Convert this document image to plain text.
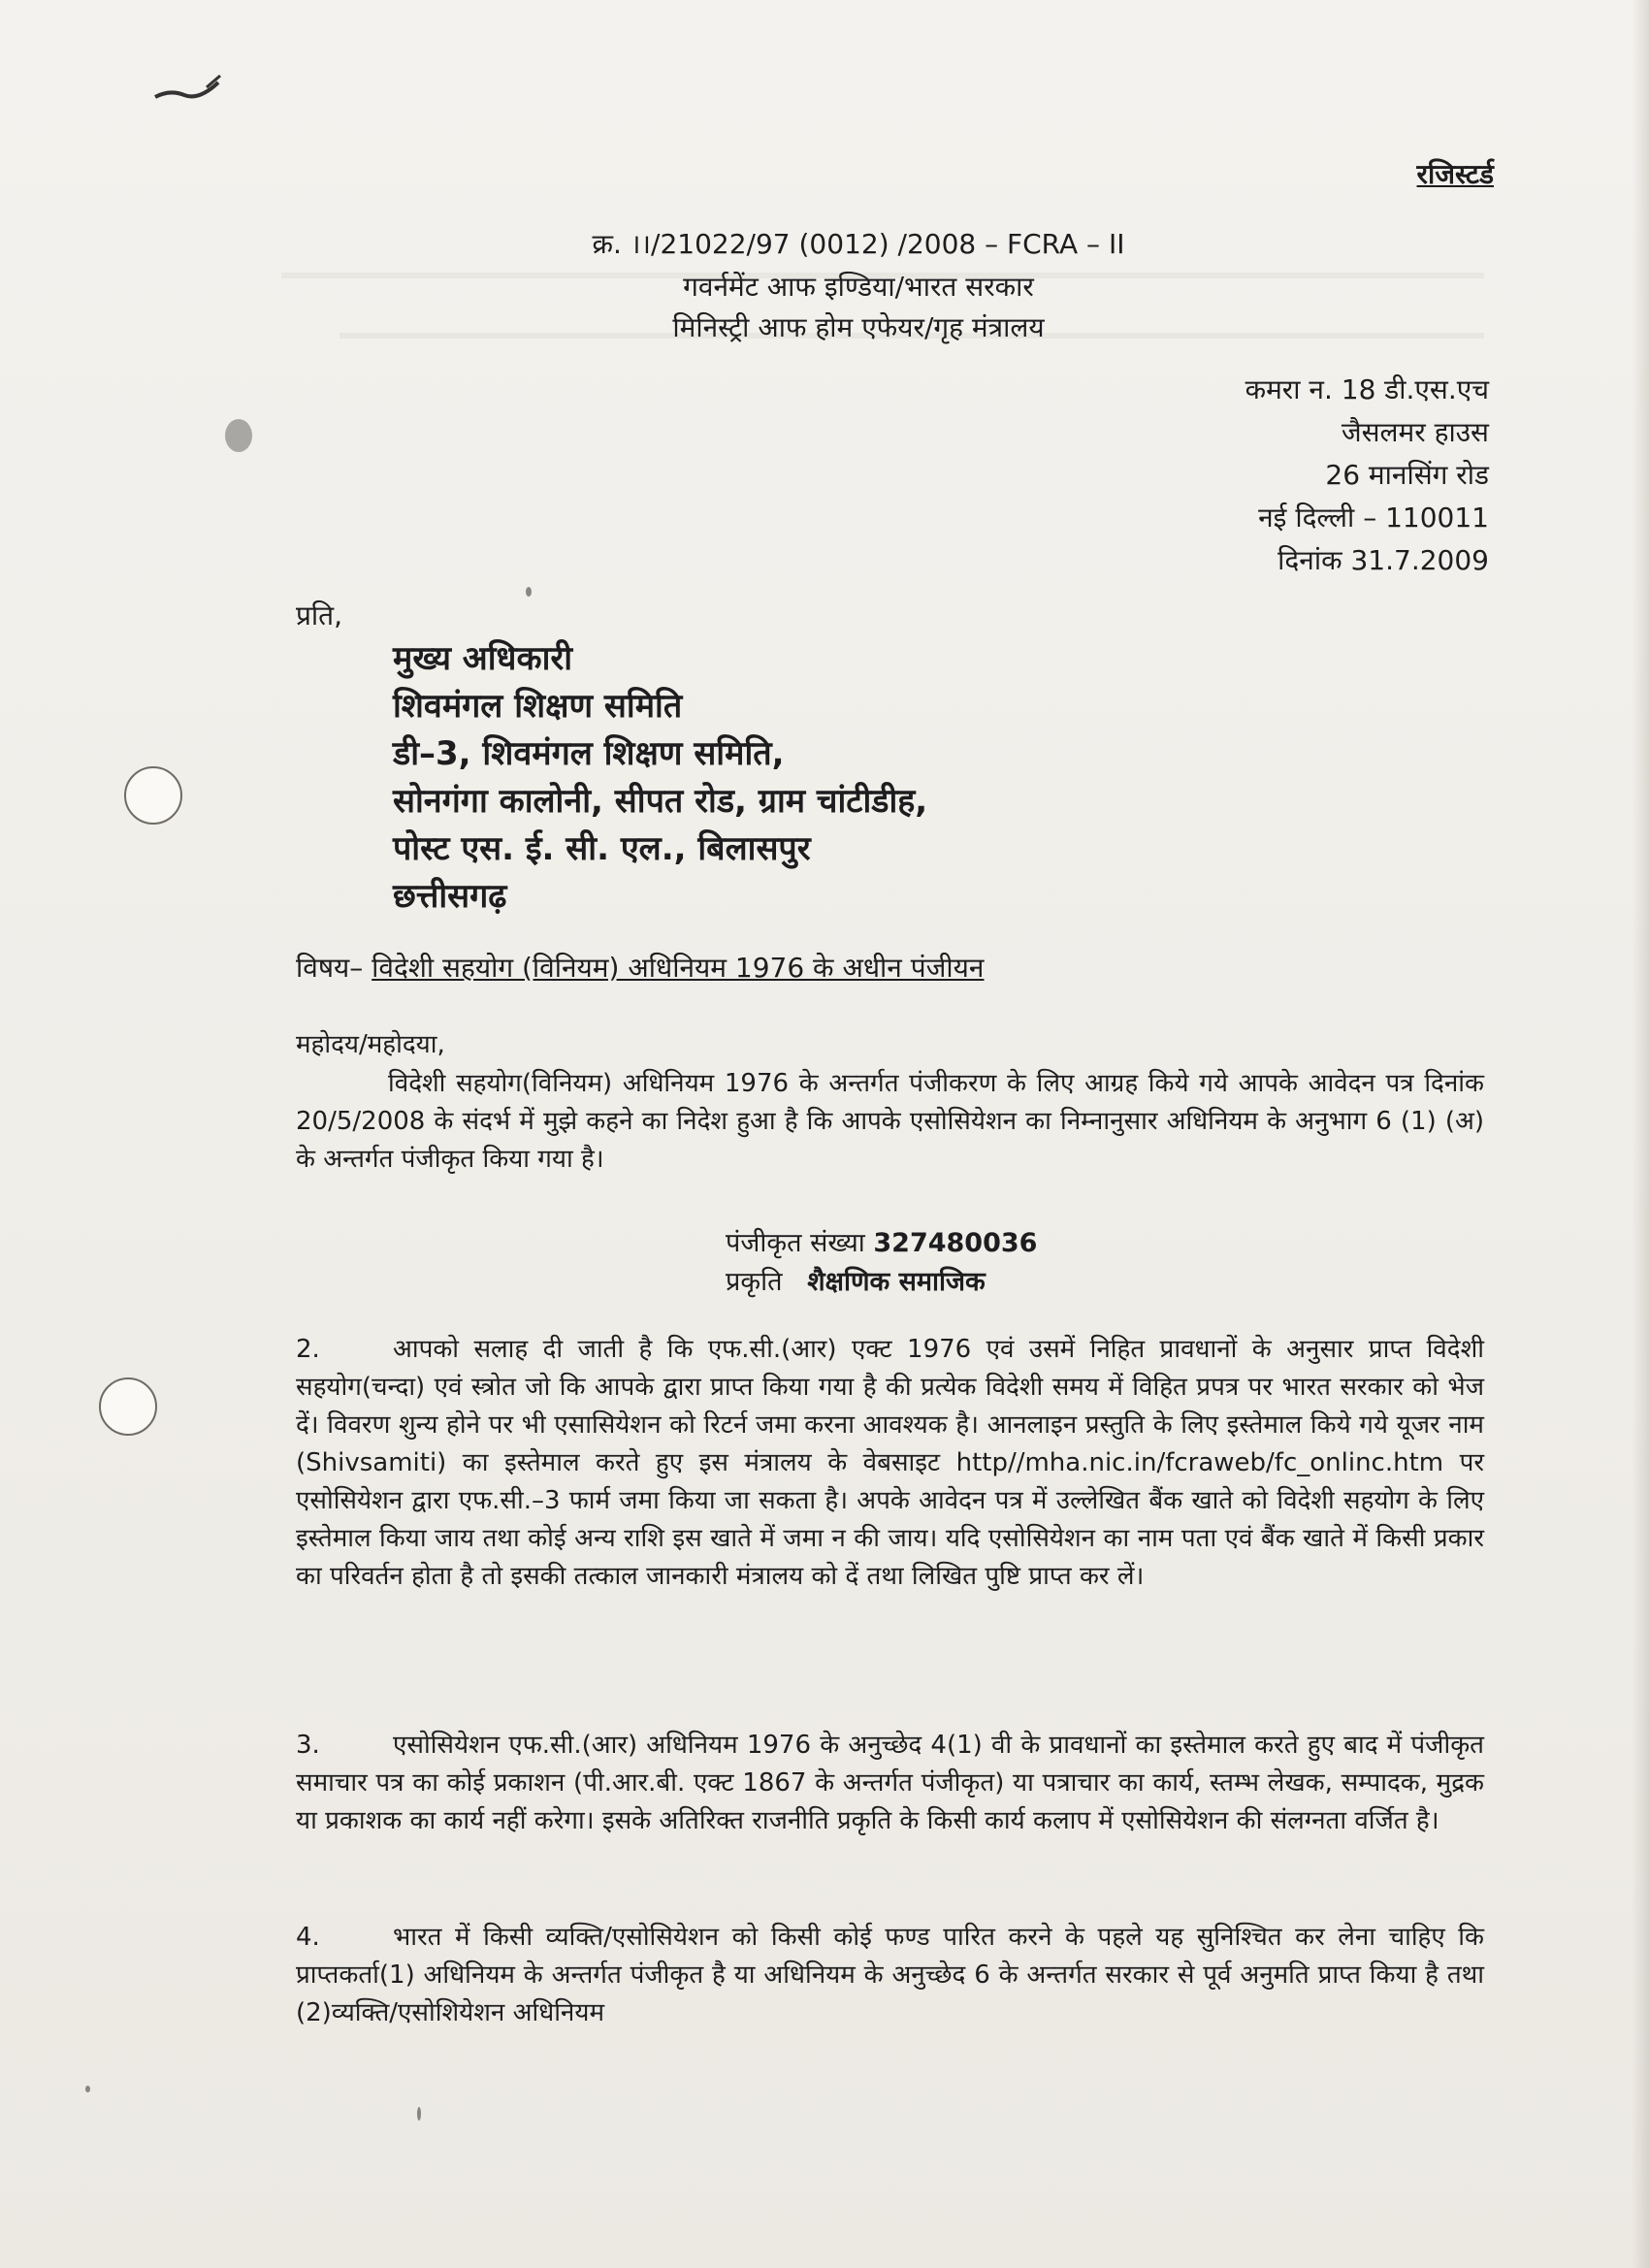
रजिस्टर्ड
क्र. ।।/21022/97 (0012) /2008 – FCRA – II
गवर्नमेंट आफ इण्डिया/भारत सरकार
मिनिस्ट्री आफ होम एफेयर/गृह मंत्रालय
कमरा न. 18 डी.एस.एच
जैसलमर हाउस
26 मानसिंग रोड
नई दिल्ली – 110011
दिनांक 31.7.2009
प्रति,
मुख्य अधिकारी
शिवमंगल शिक्षण समिति
डी–3, शिवमंगल शिक्षण समिति,
सोनगंगा कालोनी, सीपत रोड, ग्राम चांटीडीह,
पोस्ट एस. ई. सी. एल., बिलासपुर
छत्तीसगढ़
विषय– विदेशी सहयोग (विनियम) अधिनियम 1976 के अधीन पंजीयन
महोदय/महोदया,
विदेशी सहयोग(विनियम) अधिनियम 1976 के अन्तर्गत पंजीकरण के लिए आग्रह किये गये आपके आवेदन पत्र दिनांक 20/5/2008 के संदर्भ में मुझे कहने का निदेश हुआ है कि आपके एसोसियेशन का निम्नानुसार अधिनियम के अनुभाग 6 (1) (अ) के अन्तर्गत पंजीकृत किया गया है।
पंजीकृत संख्या 327480036
प्रकृति शैक्षणिक समाजिक
2.	आपको सलाह दी जाती है कि एफ.सी.(आर) एक्ट 1976 एवं उसमें निहित प्रावधानों के अनुसार प्राप्त विदेशी सहयोग(चन्दा) एवं स्त्रोत जो कि आपके द्वारा प्राप्त किया गया है की प्रत्येक विदेशी समय में विहित प्रपत्र पर भारत सरकार को भेज दें। विवरण शुन्य होने पर भी एसासियेशन को रिटर्न जमा करना आवश्यक है। आनलाइन प्रस्तुति के लिए इस्तेमाल किये गये यूजर नाम (Shivsamiti) का इस्तेमाल करते हुए इस मंत्रालय के वेबसाइट http//mha.nic.in/fcraweb/fc_onlinc.htm पर एसोसियेशन द्वारा एफ.सी.–3 फार्म जमा किया जा सकता है। अपके आवेदन पत्र में उल्लेखित बैंक खाते को विदेशी सहयोग के लिए इस्तेमाल किया जाय तथा कोई अन्य राशि इस खाते में जमा न की जाय। यदि एसोसियेशन का नाम पता एवं बैंक खाते में किसी प्रकार का परिवर्तन होता है तो इसकी तत्काल जानकारी मंत्रालय को दें तथा लिखित पुष्टि प्राप्त कर लें।
3.	एसोसियेशन एफ.सी.(आर) अधिनियम 1976 के अनुच्छेद 4(1) वी के प्रावधानों का इस्तेमाल करते हुए बाद में पंजीकृत समाचार पत्र का कोई प्रकाशन (पी.आर.बी. एक्ट 1867 के अन्तर्गत पंजीकृत) या पत्राचार का कार्य, स्तम्भ लेखक, सम्पादक, मुद्रक या प्रकाशक का कार्य नहीं करेगा। इसके अतिरिक्त राजनीति प्रकृति के किसी कार्य कलाप में एसोसियेशन की संलग्नता वर्जित है।
4.	भारत में किसी व्यक्ति/एसोसियेशन को किसी कोई फण्ड पारित करने के पहले यह सुनिश्चित कर लेना चाहिए कि प्राप्तकर्ता(1) अधिनियम के अन्तर्गत पंजीकृत है या अधिनियम के अनुच्छेद 6 के अन्तर्गत सरकार से पूर्व अनुमति प्राप्त किया है तथा (2)व्यक्ति/एसोशियेशन अधिनियम
